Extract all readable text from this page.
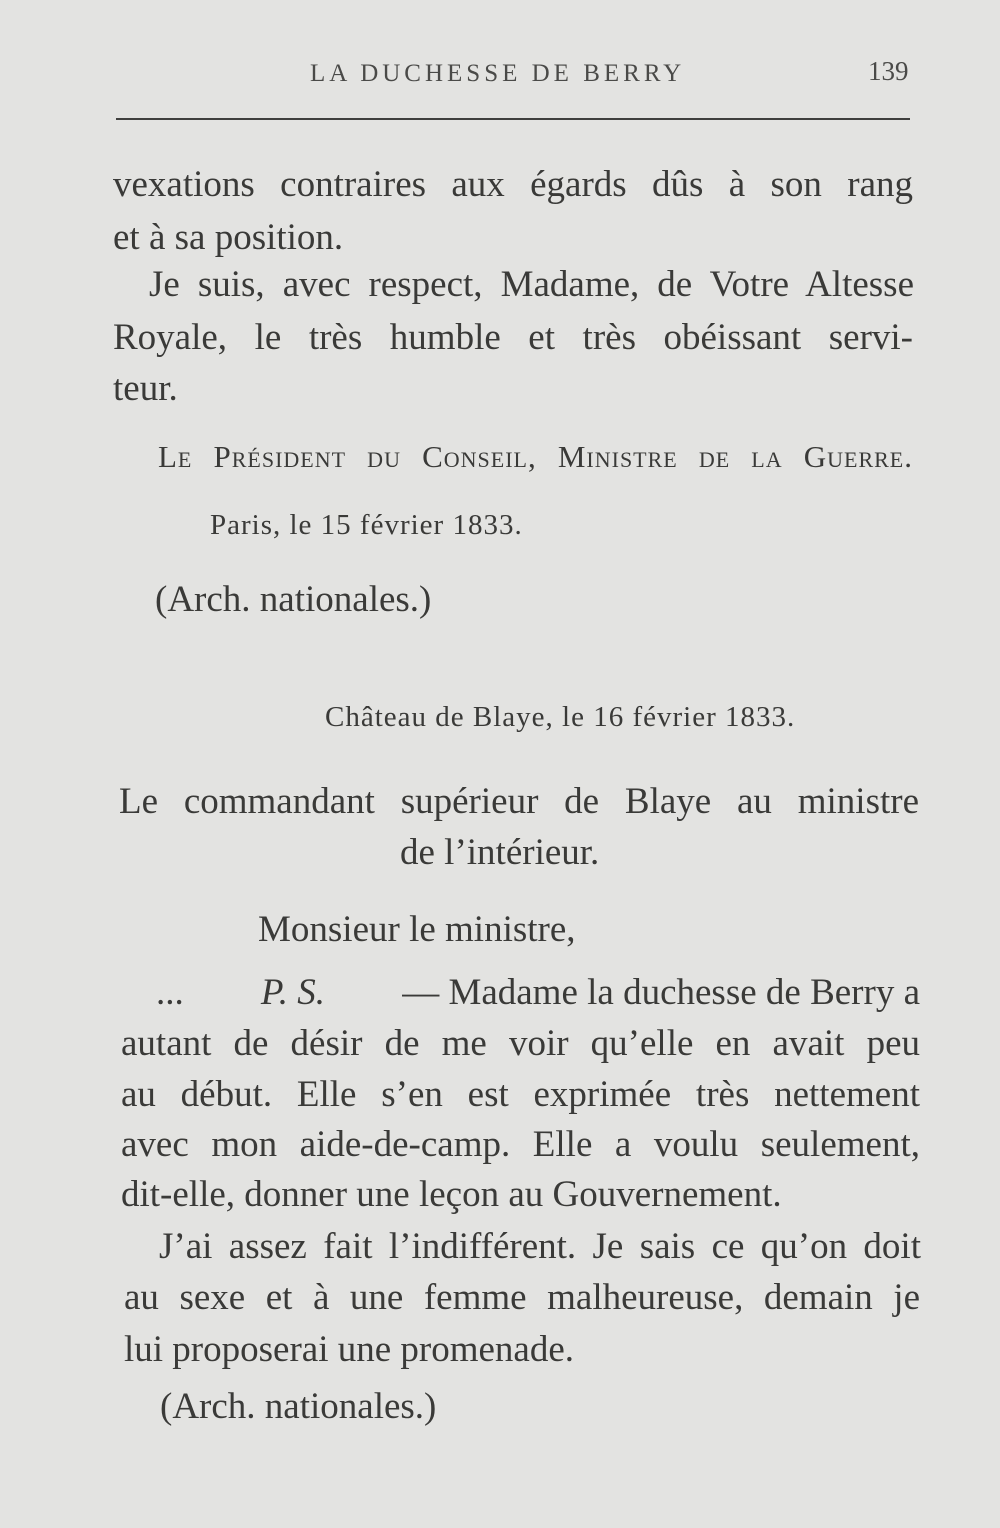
LA DUCHESSE DE BERRY	139
vexations contraires aux égards dûs à son rang
et à sa position.
Je suis, avec respect, Madame, de Votre Altesse
Royale, le très humble et très obéissant servi-
teur.
Le Président du Conseil, Ministre de la Guerre.
Paris, le 15 février 1833.
(Arch. nationales.)
Château de Blaye, le 16 février 1833.
Le commandant supérieur de Blaye au ministre
de l’intérieur.
Monsieur le ministre,
... P. S. — Madame la duchesse de Berry a
autant de désir de me voir qu’elle en avait peu
au début. Elle s’en est exprimée très nettement
avec mon aide-de-camp. Elle a voulu seulement,
dit-elle, donner une leçon au Gouvernement.
J’ai assez fait l’indifférent. Je sais ce qu’on doit
au sexe et à une femme malheureuse, demain je
lui proposerai une promenade.
(Arch. nationales.)
